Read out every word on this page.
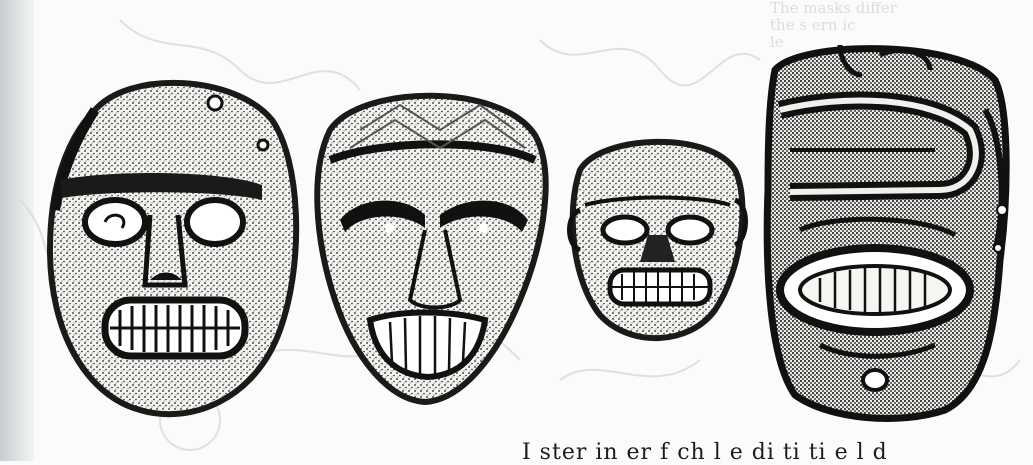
The masks differ
the s ern ic
le
I ster in er f ch l e di ti ti e l d
